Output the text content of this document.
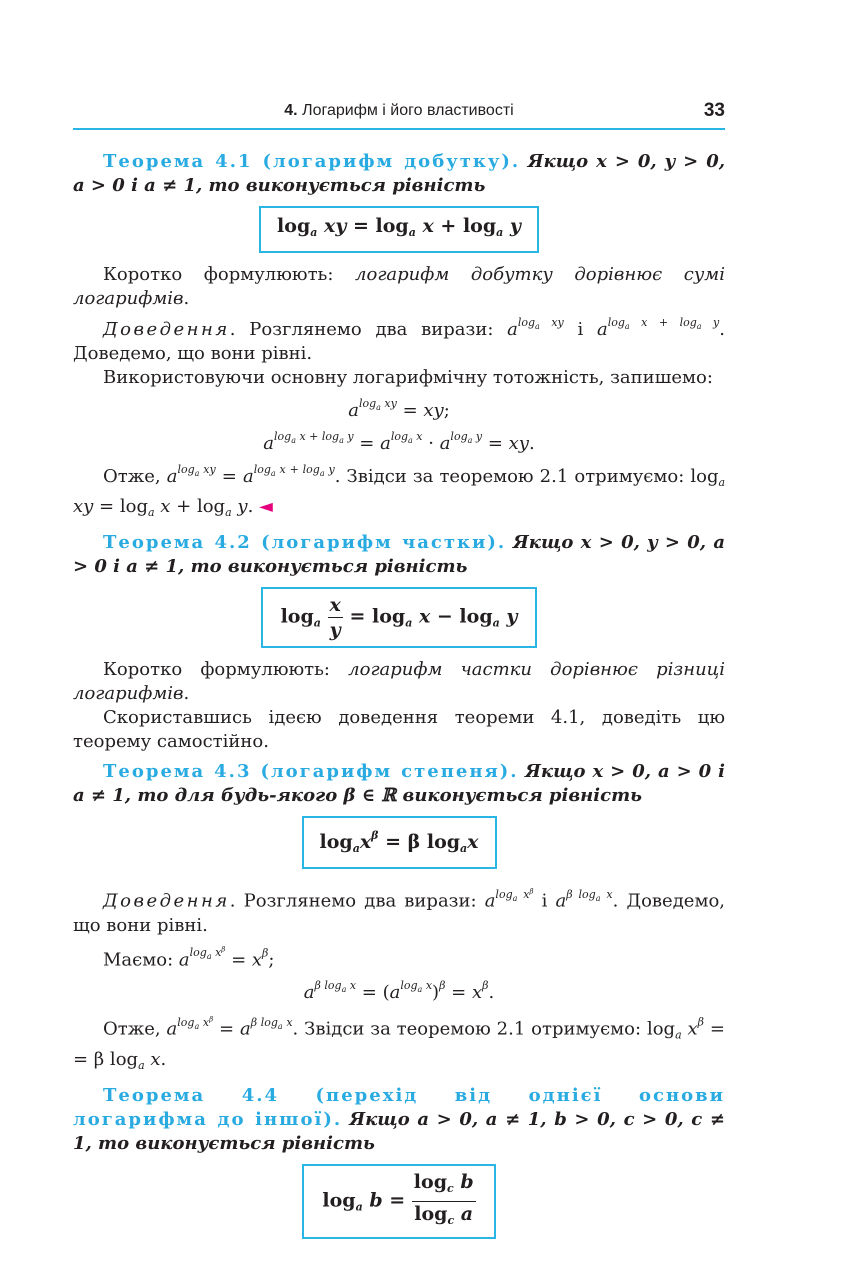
4. Логарифм і його властивості	33

Теорема 4.1 (логарифм добутку). Якщо x > 0, y > 0, a > 0 і a ≠ 1, то виконується рівність

$\log_a$ xy = $\log_a x + \log_a y$

Коротко формулюють: логарифм добутку дорівнює сумі логарифмів.

Доведення. Розглянемо два вирази: $a^{log_a xy}$ і $a^{log_a x + log_a y}$. Доведемо, що вони рівні.

Використовуючи основну логарифмічну тотожність, запишемо:

$a^{log_a xy}$ = xy;
$a^{log_a x + log_a y} = a^{log_a x} \cdot a^{log_a y}$ = xy.

Отже, $a^{log_a xy} = a^{log_a x + log_a y}$. Звідси за теоремою 2.1 отримуємо: $\log_a$ xy = $\log_a x + \log_a y$. ◄

Теорема 4.2 (логарифм частки). Якщо x > 0, y > 0, a > 0 і a ≠ 1, то виконується рівність

$\log_a \frac{x}{y} = \log_a x - \log_a y$

Коротко формулюють: логарифм частки дорівнює різниці логарифмів.

Скориставшись ідеєю доведення теореми 4.1, доведіть цю теорему самостійно.

Теорема 4.3 (логарифм степеня). Якщо x > 0, a > 0 і a ≠ 1, то для будь-якого β ∈ ℝ виконується рівність

$\log_ax^\beta = \beta$ $\log_ax$

Доведення. Розглянемо два вирази: $a^{log_a x^\beta}$ і $a^{\beta log_a x}$. Доведемо, що вони рівні.

Маємо: $a^{log_a x^\beta} = x^\beta$;

$a^{\beta log_a x} = (a^{log_a x})^\beta = x^\beta$.

Отже, $a^{log_a x^\beta} = a^{\beta log_a x}$. Звідси за теоремою 2.1 отримуємо: $\log_a x^\beta$ = = β $\log_a x$.

Теорема 4.4 (перехід від однієї основи логарифма до іншої). Якщо a > 0, a ≠ 1, b > 0, c > 0, c ≠ 1, то виконується рівність

$\log_a b = \frac{\log_c b}{\log_c a}$
